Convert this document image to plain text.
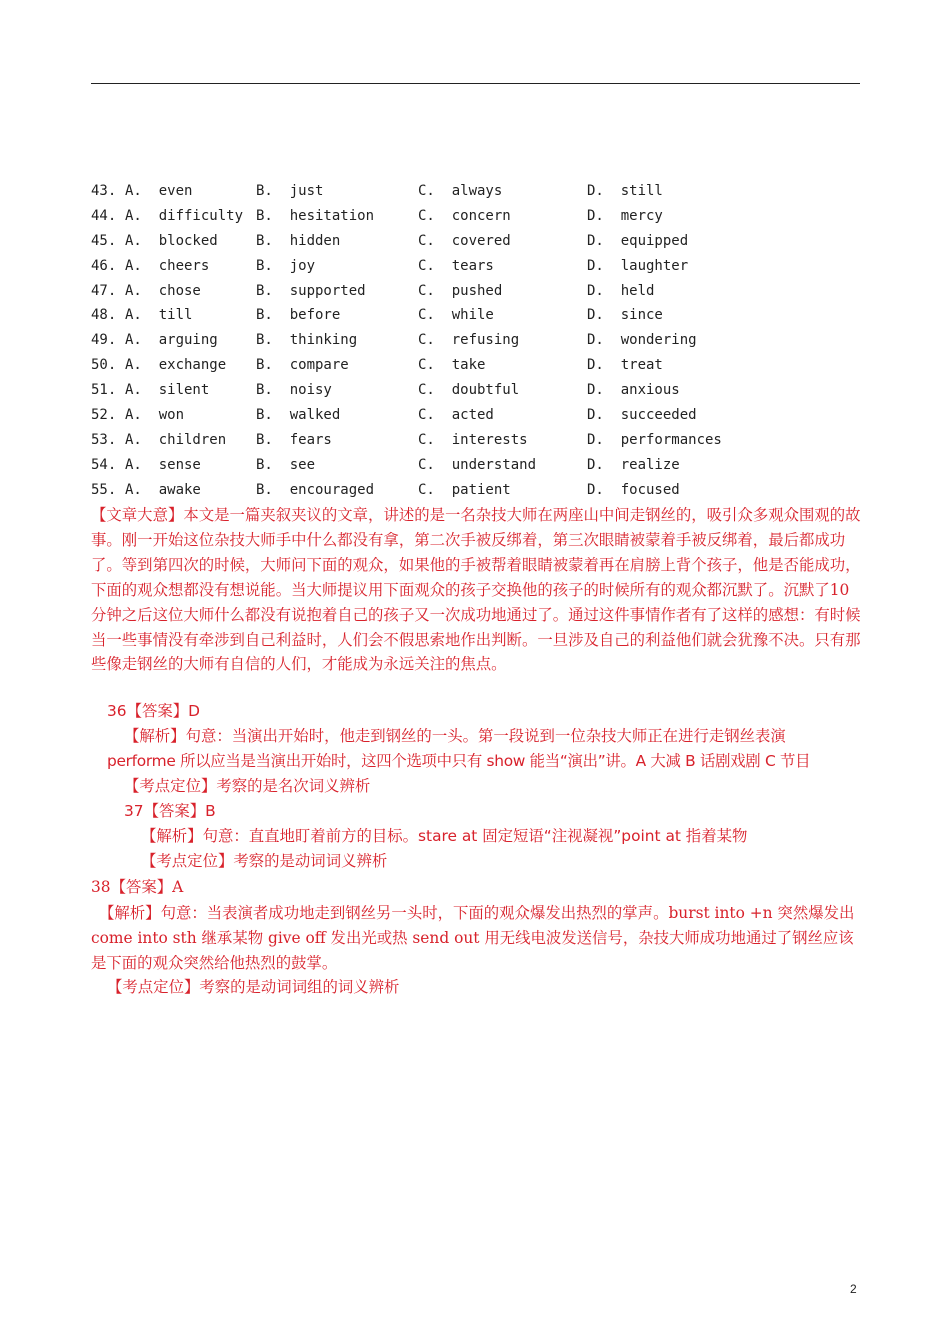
43. A.  even	B.  just	C.  always	D.  still
44. A.  difficulty B.  hesitation	C.  concern	D.  mercy
45. A.  blocked	B.  hidden	C.  covered	D.  equipped
46. A.  cheers	B.  joy	C.  tears	D.  laughter
47. A.  chose	B.  supported	C.  pushed	D.  held
48. A.  till	B.  before	C.  while	D.  since
49. A.  arguing	B.  thinking	C.  refusing	D.  wondering
50. A.  exchange B.  compare	C.  take	D.  treat
51. A.  silent	B.  noisy	C.  doubtful	D.  anxious
52. A.  won	B.  walked	C.  acted	D.  succeeded
53. A.  children B.  fears	C.  interests	D.  performances
54. A.  sense	B.  see	C.  understand	D.  realize
55. A.  awake	B.  encouraged	C.  patient	D.  focused
【文章大意】本文是一篇夹叙夹议的文章，讲述的是一名杂技大师在两座山中间走钢丝的，吸引众多观众围观的故事。刚一开始这位杂技大师手中什么都没有拿，第二次手被反绑着，第三次眼睛被蒙着手被反绑着，最后都成功了。等到第四次的时候，大师问下面的观众，如果他的手被帮着眼睛被蒙着再在肩膀上背个孩子，他是否能成功，下面的观众想都没有想说能。当大师提议用下面观众的孩子交换他的孩子的时候所有的观众都沉默了。沉默了10分钟之后这位大师什么都没有说抱着自己的孩子又一次成功地通过了。通过这件事情作者有了这样的感想：有时候当一些事情没有牵涉到自己利益时，人们会不假思索地作出判断。一旦涉及自己的利益他们就会犹豫不决。只有那些像走钢丝的大师有自信的人们，才能成为永远关注的焦点。
36【答案】D
【解析】句意：当演出开始时，他走到钢丝的一头。第一段说到一位杂技大师正在进行走钢丝表演
performe 所以应当是当演出开始时，这四个选项中只有 show 能当“演出”讲。A 大减 B 话剧戏剧 C 节目
【考点定位】考察的是名次词义辨析
37【答案】B
【解析】句意：直直地盯着前方的目标。stare at 固定短语“注视凝视”point at 指着某物
【考点定位】考察的是动词词义辨析
38【答案】A
【解析】句意：当表演者成功地走到钢丝另一头时，下面的观众爆发出热烈的掌声。burst into +n 突然爆发出 come into sth 继承某物 give off 发出光或热 send out 用无线电波发送信号，杂技大师成功地通过了钢丝应该是下面的观众突然给他热烈的鼓掌。
【考点定位】考察的是动词词组的词义辨析
2
